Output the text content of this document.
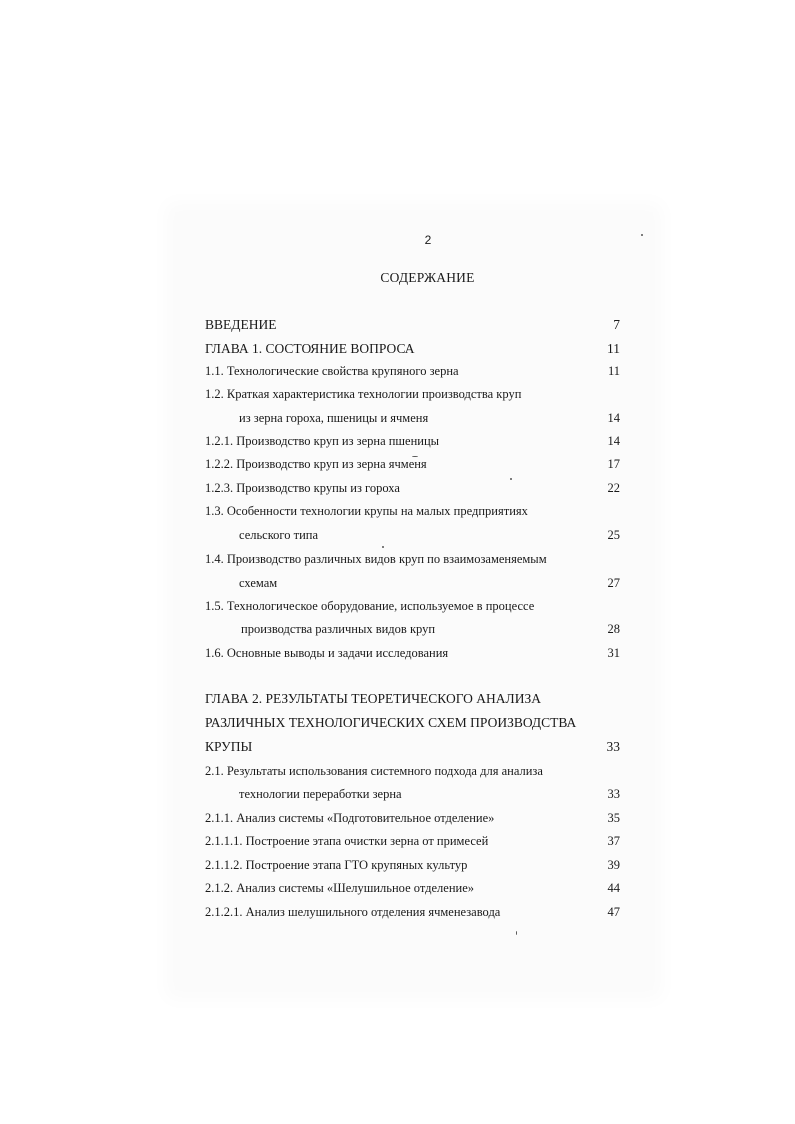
2
СОДЕРЖАНИЕ
ВВЕДЕНИЕ	7
ГЛАВА 1. СОСТОЯНИЕ ВОПРОСА	11
1.1. Технологические свойства крупяного зерна	11
1.2. Краткая характеристика технологии производства круп
из зерна гороха, пшеницы и ячменя	14
1.2.1. Производство круп из зерна пшеницы	14
1.2.2. Производство круп из зерна ячменя	17
1.2.3. Производство крупы из гороха	22
1.3. Особенности технологии крупы на малых предприятиях
сельского типа	25
1.4. Производство различных видов круп по взаимозаменяемым
схемам	27
1.5. Технологическое оборудование, используемое в процессе
производства различных видов круп	28
1.6. Основные выводы и задачи исследования	31
ГЛАВА 2. РЕЗУЛЬТАТЫ ТЕОРЕТИЧЕСКОГО АНАЛИЗА
РАЗЛИЧНЫХ ТЕХНОЛОГИЧЕСКИХ СХЕМ ПРОИЗВОДСТВА
КРУПЫ	33
2.1. Результаты использования системного подхода для анализа
технологии переработки зерна	33
2.1.1. Анализ системы «Подготовительное отделение»	35
2.1.1.1. Построение этапа очистки зерна от примесей	37
2.1.1.2. Построение этапа ГТО крупяных культур	39
2.1.2. Анализ системы «Шелушильное отделение»	44
2.1.2.1. Анализ шелушильного отделения ячменезавода	47
